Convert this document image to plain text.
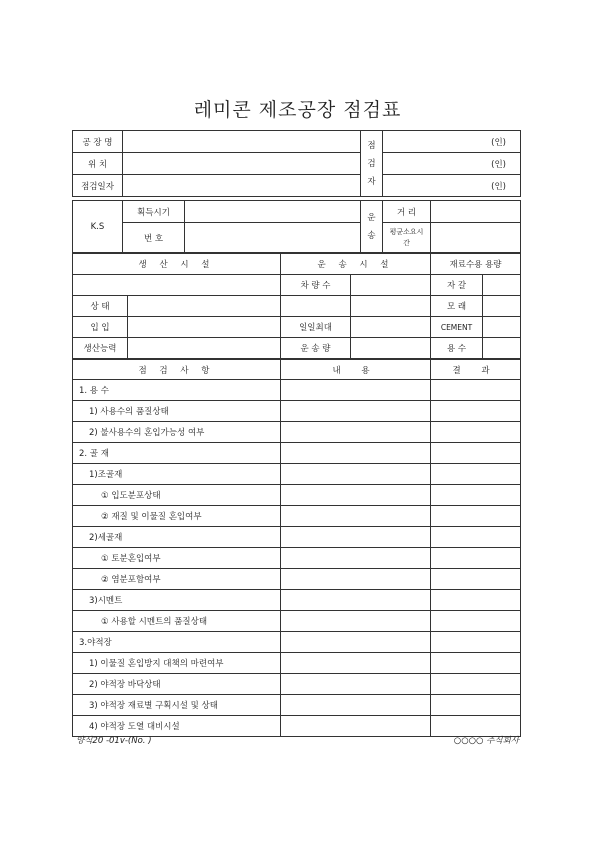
레미콘 제조공장 점검표
공 장 명		점검자	(인)
위 치			(인)
점검일자			(인)
K.S	획득시기		운송	거 리	
	번 호			평균소요시 간	
생 산 시 설		운 송 시 설		재료수용 용량	
		차 량 수		자 갈	
상 태				모 래	
입 입		일일최대		CEMENT	
생산능력		운 송 량		용 수	
점 검 사 항	내 용	결 과
1. 용 수		
1) 사용수의 품질상태		
2) 불사용수의 혼입가능성 여부		
2. 골 재		
1)조골재		
① 입도분포상태		
② 재질 및 이물질 혼입여부		
2)세골재		
① 토분혼입여부		
② 염분포함여부		
3)시멘트		
① 사용할 시멘트의 품질상태		
3.야적장		
1) 이물질 혼입방지 대책의 마련여부		
2) 야적장 바닥상태		
3) 야적장 재료별 구획시설 및 상태		
4) 야적장 도열 대비시설		
양식20 -01v-(No. )	○○○○ 주식회사
